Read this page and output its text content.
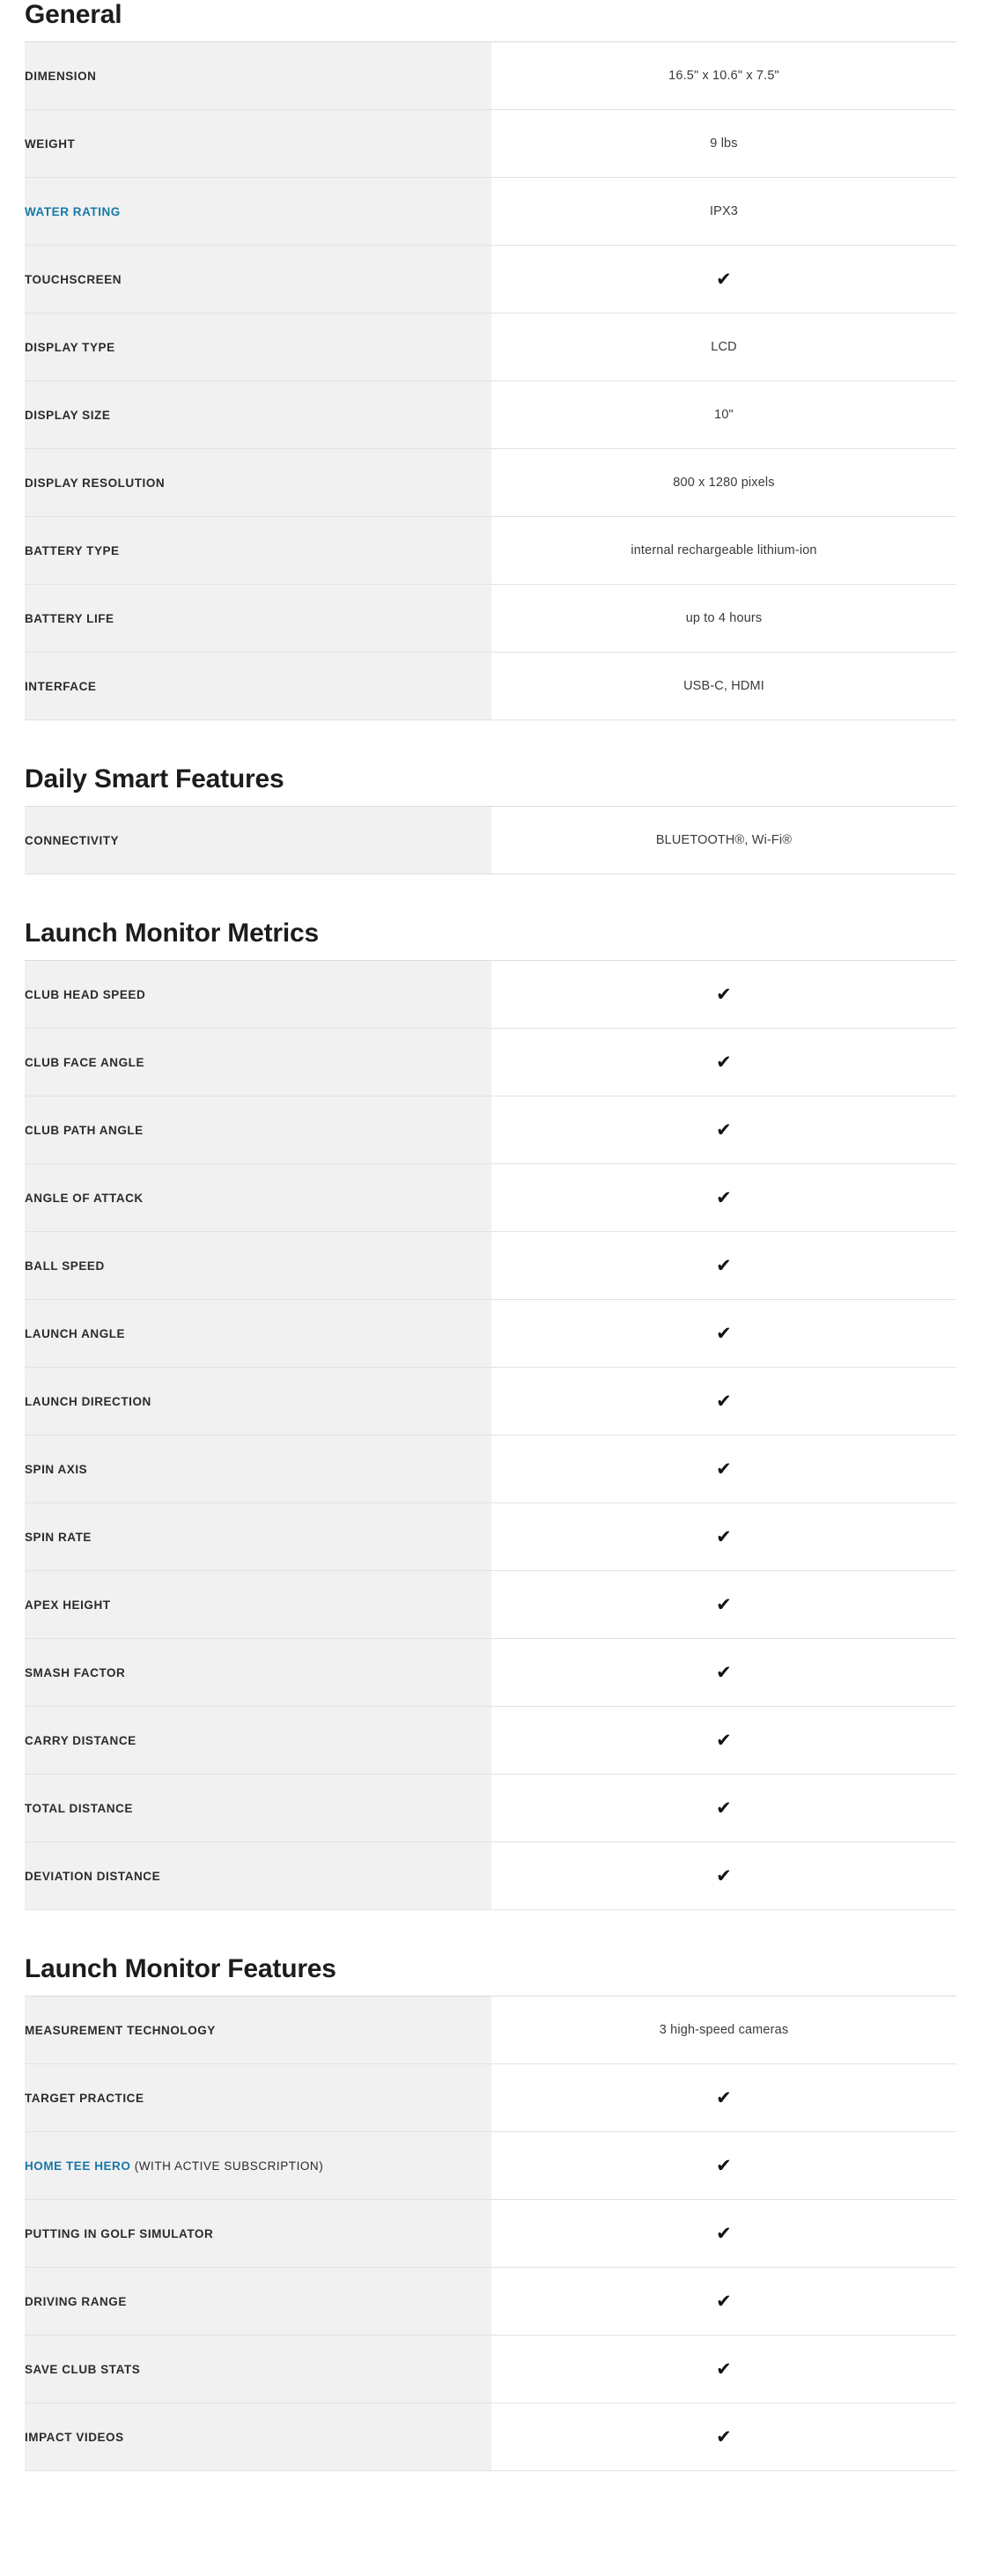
General
DIMENSION	16.5" x 10.6" x 7.5"
WEIGHT	9 lbs
WATER RATING	IPX3
TOUCHSCREEN	✔
DISPLAY TYPE	LCD
DISPLAY SIZE	10"
DISPLAY RESOLUTION	800 x 1280 pixels
BATTERY TYPE	internal rechargeable lithium-ion
BATTERY LIFE	up to 4 hours
INTERFACE	USB-C, HDMI
Daily Smart Features
CONNECTIVITY	BLUETOOTH®, Wi-Fi®
Launch Monitor Metrics
CLUB HEAD SPEED	✔
CLUB FACE ANGLE	✔
CLUB PATH ANGLE	✔
ANGLE OF ATTACK	✔
BALL SPEED	✔
LAUNCH ANGLE	✔
LAUNCH DIRECTION	✔
SPIN AXIS	✔
SPIN RATE	✔
APEX HEIGHT	✔
SMASH FACTOR	✔
CARRY DISTANCE	✔
TOTAL DISTANCE	✔
DEVIATION DISTANCE	✔
Launch Monitor Features
MEASUREMENT TECHNOLOGY	3 high-speed cameras
TARGET PRACTICE	✔
HOME TEE HERO (WITH ACTIVE SUBSCRIPTION)	✔
PUTTING IN GOLF SIMULATOR	✔
DRIVING RANGE	✔
SAVE CLUB STATS	✔
IMPACT VIDEOS	✔
